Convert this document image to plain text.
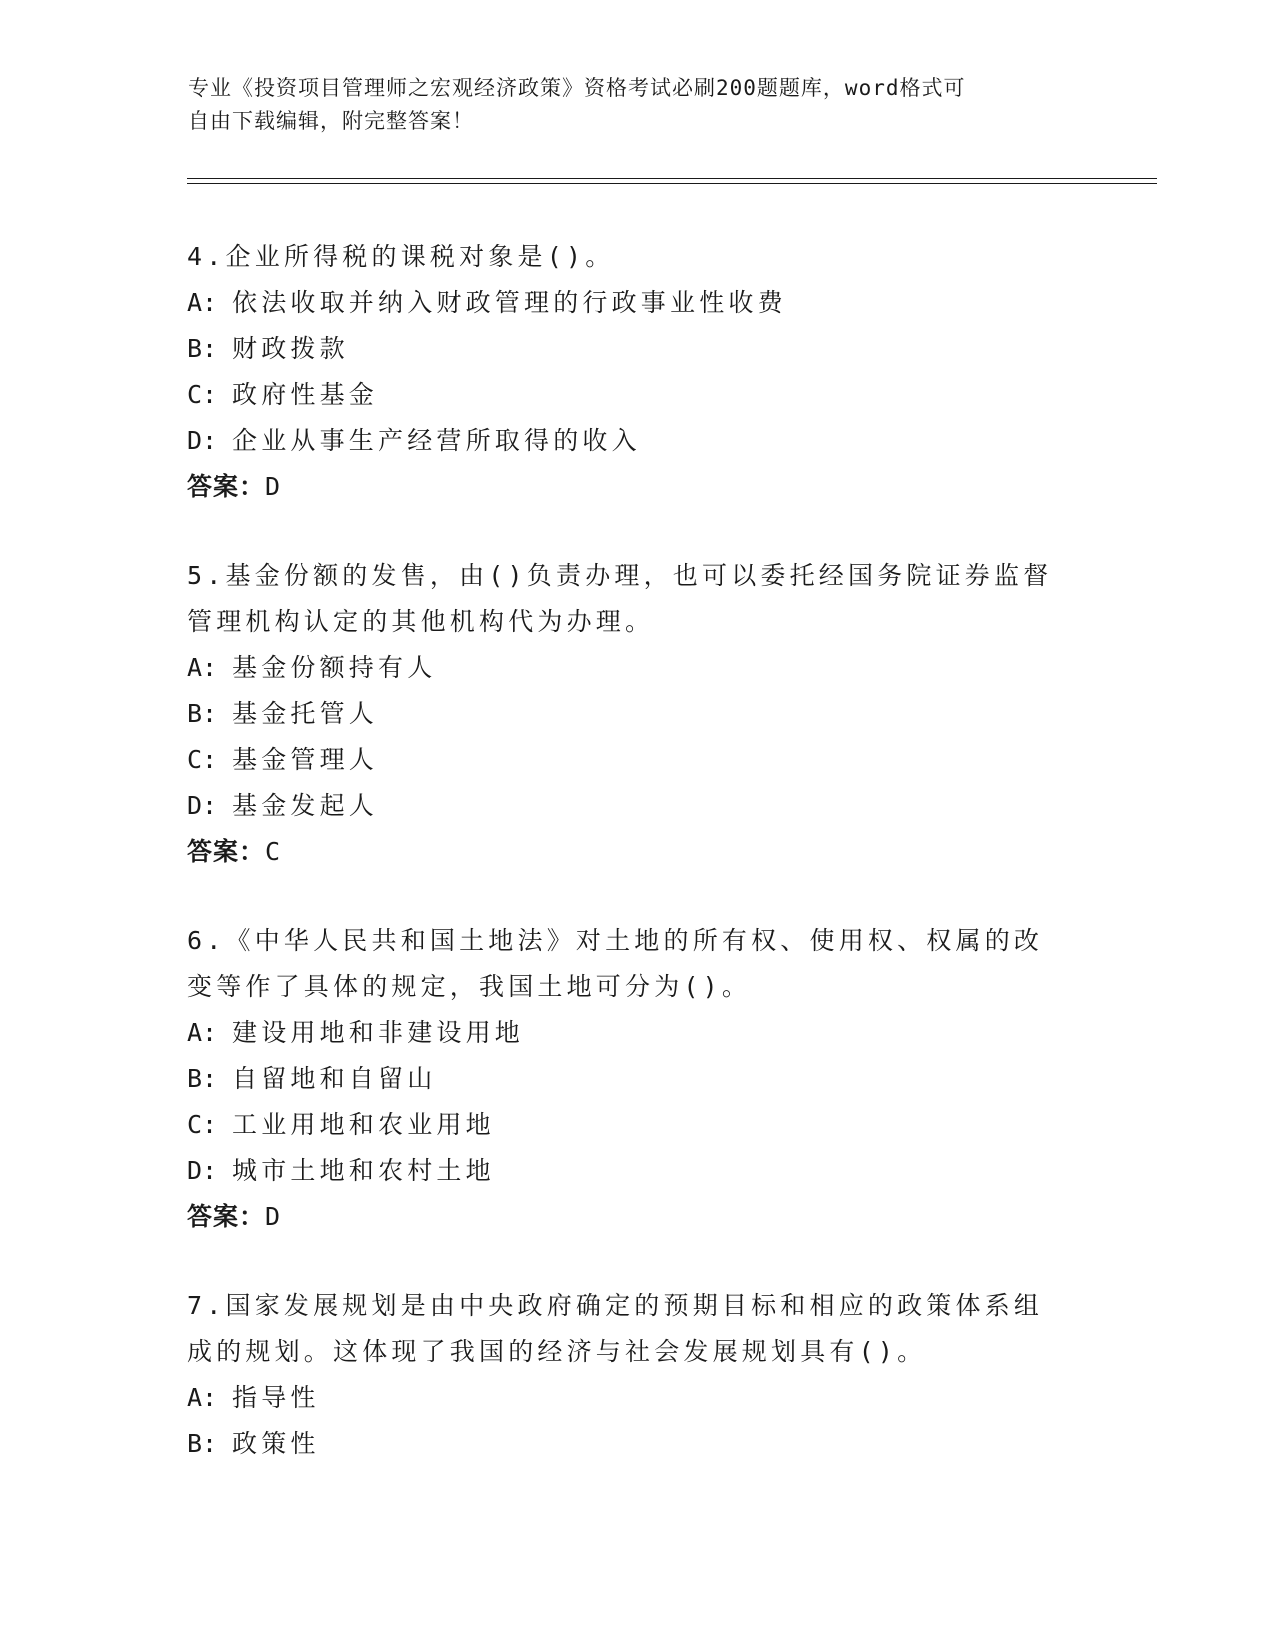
专业《投资项目管理师之宏观经济政策》资格考试必刷200题题库，word格式可
自由下载编辑，附完整答案！
4.企业所得税的课税对象是()。
A: 依法收取并纳入财政管理的行政事业性收费
B: 财政拨款
C: 政府性基金
D: 企业从事生产经营所取得的收入
答案：D
5.基金份额的发售，由()负责办理，也可以委托经国务院证券监督管理机构认定的其他机构代为办理。
A: 基金份额持有人
B: 基金托管人
C: 基金管理人
D: 基金发起人
答案：C
6.《中华人民共和国土地法》对土地的所有权、使用权、权属的改变等作了具体的规定，我国土地可分为()。
A: 建设用地和非建设用地
B: 自留地和自留山
C: 工业用地和农业用地
D: 城市土地和农村土地
答案：D
7.国家发展规划是由中央政府确定的预期目标和相应的政策体系组成的规划。这体现了我国的经济与社会发展规划具有()。
A: 指导性
B: 政策性
